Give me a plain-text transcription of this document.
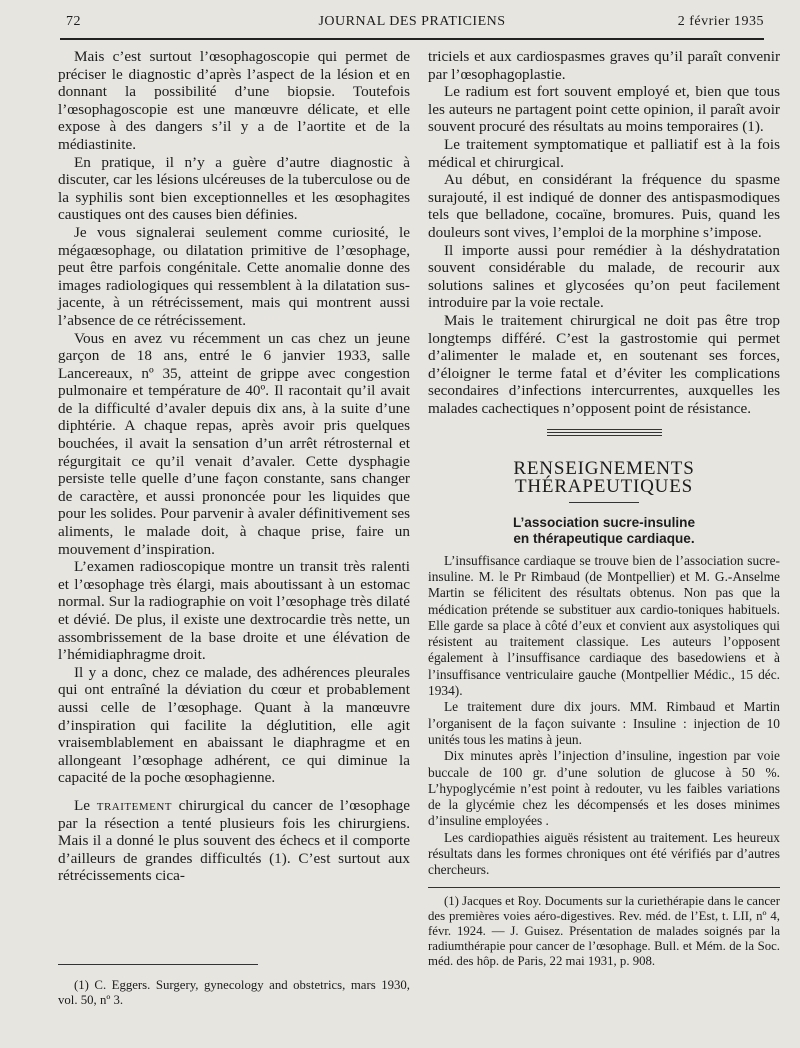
72	JOURNAL DES PRATICIENS	2 février 1935

Mais c’est surtout l’œsophagoscopie qui permet de préciser le diagnostic d’après l’aspect de la lésion et en donnant la possibilité d’une biopsie. Toutefois l’œsophagoscopie est une manœuvre délicate, et elle expose à des dangers s’il y a de l’aortite et de la médiastinite.

En pratique, il n’y a guère d’autre diagnostic à discuter, car les lésions ulcéreuses de la tuberculose ou de la syphilis sont bien exceptionnelles et les œsophagites caustiques ont des causes bien définies.

Je vous signalerai seulement comme curiosité, le mégaœsophage, ou dilatation primitive de l’œsophage, peut être parfois congénitale. Cette anomalie donne des images radiologiques qui ressemblent à la dilatation sus-jacente, à un rétrécissement, mais qui montrent aussi l’absence de ce rétrécissement.

Vous en avez vu récemment un cas chez un jeune garçon de 18 ans, entré le 6 janvier 1933, salle Lancereaux, nº 35, atteint de grippe avec congestion pulmonaire et température de 40º. Il racontait qu’il avait de la difficulté d’avaler depuis dix ans, à la suite d’une diphtérie. A chaque repas, après avoir pris quelques bouchées, il avait la sensation d’un arrêt rétrosternal et régurgitait ce qu’il venait d’avaler. Cette dysphagie persiste telle quelle d’une façon constante, sans changer de caractère, et aussi prononcée pour les liquides que pour les solides. Pour parvenir à avaler définitivement ses aliments, le malade doit, à chaque prise, faire un mouvement d’inspiration.

L’examen radioscopique montre un transit très ralenti et l’œsophage très élargi, mais aboutissant à un estomac normal. Sur la radiographie on voit l’œsophage très dilaté et dévié. De plus, il existe une dextrocardie très nette, un assombrissement de la base droite et une élévation de l’hémidiaphragme droit.

Il y a donc, chez ce malade, des adhérences pleurales qui ont entraîné la déviation du cœur et probablement aussi celle de l’œsophage. Quant à la manœuvre d’inspiration qui facilite la déglutition, elle agit vraisemblablement en abaissant le diaphragme et en allongeant l’œsophage adhérent, ce qui diminue la capacité de la poche œsophagienne.

Le traitement chirurgical du cancer de l’œsophage par la résection a tenté plusieurs fois les chirurgiens. Mais il a donné le plus souvent des échecs et il comporte d’ailleurs de grandes difficultés (1). C’est surtout aux rétrécissements cica-

(1) C. Eggers. Surgery, gynecology and obstetrics, mars 1930, vol. 50, nº 3.

triciels et aux cardiospasmes graves qu’il paraît convenir par l’œsophagoplastie.

Le radium est fort souvent employé et, bien que tous les auteurs ne partagent point cette opinion, il paraît avoir souvent procuré des résultats au moins temporaires (1).

Le traitement symptomatique et palliatif est à la fois médical et chirurgical.

Au début, en considérant la fréquence du spasme surajouté, il est indiqué de donner des antispasmodiques tels que belladone, cocaïne, bromures. Puis, quand les douleurs sont vives, l’emploi de la morphine s’impose.

Il importe aussi pour remédier à la déshydratation souvent considérable du malade, de recourir aux solutions salines et glycosées qu’on peut facilement introduire par la voie rectale.

Mais le traitement chirurgical ne doit pas être trop longtemps différé. C’est la gastrostomie qui permet d’alimenter le malade et, en soutenant ses forces, d’éloigner le terme fatal et d’éviter les complications secondaires d’infections intercurrentes, auxquelles les malades cachectiques n’opposent point de résistance.

RENSEIGNEMENTS THÉRAPEUTIQUES
L’association sucre-insuline
en thérapeutique cardiaque.

L’insuffisance cardiaque se trouve bien de l’association sucre-insuline. M. le Pr Rimbaud (de Montpellier) et M. G.-Anselme Martin se félicitent des résultats obtenus. Non pas que la médication prétende se substituer aux cardio-toniques habituels. Elle garde sa place à côté d’eux et convient aux asystoliques qui résistent au traitement classique. Les auteurs l’opposent également à l’insuffisance cardiaque des basedowiens et à l’insuffisance ventriculaire gauche (Montpellier Médic., 15 déc. 1934).

Le traitement dure dix jours. MM. Rimbaud et Martin l’organisent de la façon suivante : Insuline : injection de 10 unités tous les matins à jeun.

Dix minutes après l’injection d’insuline, ingestion par voie buccale de 100 gr. d’une solution de glucose à 50 %. L’hypoglycémie n’est point à redouter, vu les faibles variations de la glycémie chez les décompensés et les doses minimes d’insuline employées .

Les cardiopathies aiguës résistent au traitement. Les heureux résultats dans les formes chroniques ont été vérifiés par d’autres chercheurs.

(1) Jacques et Roy. Documents sur la curiethérapie dans le cancer des premières voies aéro-digestives. Rev. méd. de l’Est, t. LII, nº 4, févr. 1924. — J. Guisez. Présentation de malades soignés par la radiumthérapie pour cancer de l’œsophage. Bull. et Mém. de la Soc. méd. des hôp. de Paris, 22 mai 1931, p. 908.
